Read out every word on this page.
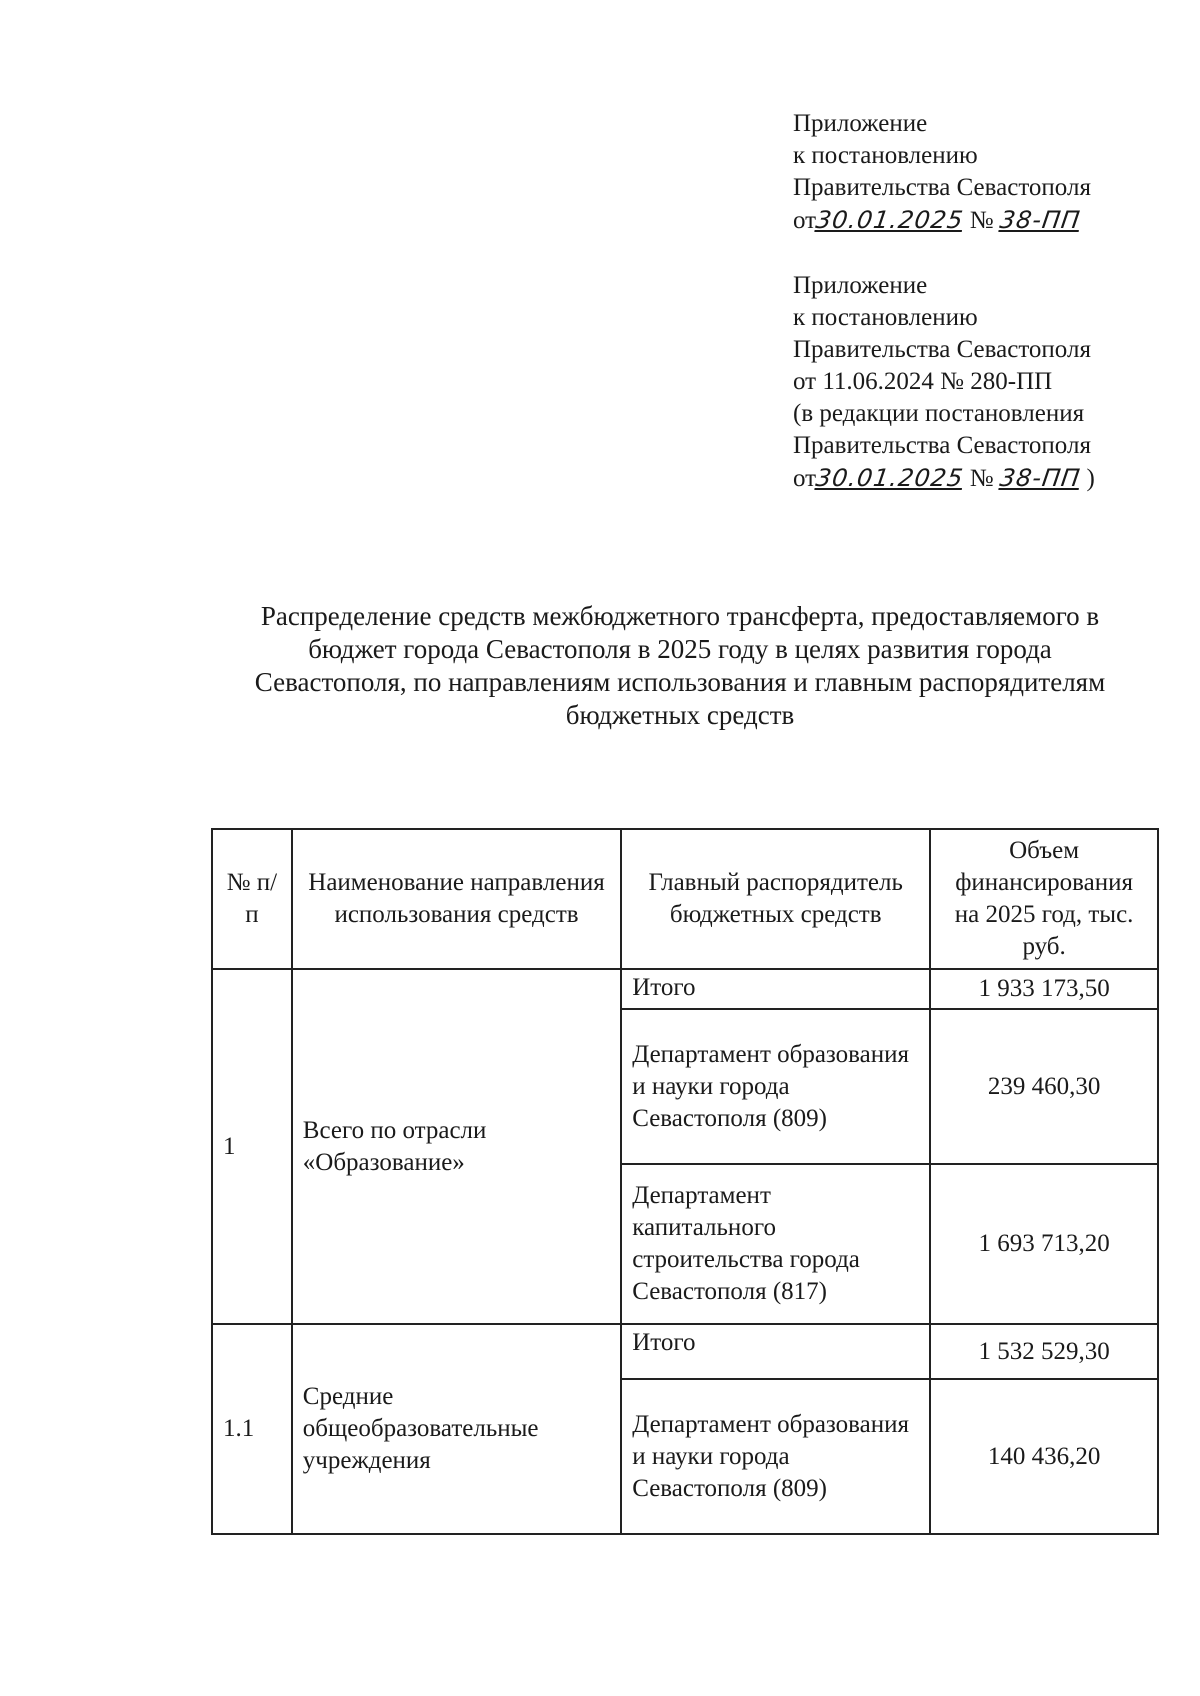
Приложение
к постановлению
Правительства Севастополя
от30.01.2025 № 38-ПП
Приложение
к постановлению
Правительства Севастополя
от 11.06.2024 № 280-ПП
(в редакции постановления
Правительства Севастополя
от30.01.2025 № 38-ПП )
Распределение средств межбюджетного трансферта, предоставляемого в
бюджет города Севастополя в 2025 году в целях развития города
Севастополя, по направлениям использования и главным распорядителям
бюджетных средств
№ п/п	Наименование направления использования средств	Главный распорядитель бюджетных средств	Объем финансирования на 2025 год, тыс. руб.
1	Всего по отрасли «Образование»	Итого	1 933 173,50
		Департамент образования и науки города Севастополя (809)	239 460,30
		Департамент капитального строительства города Севастополя (817)	1 693 713,20
1.1	Средние общеобразовательные учреждения	Итого	1 532 529,30
		Департамент образования и науки города Севастополя (809)	140 436,20
